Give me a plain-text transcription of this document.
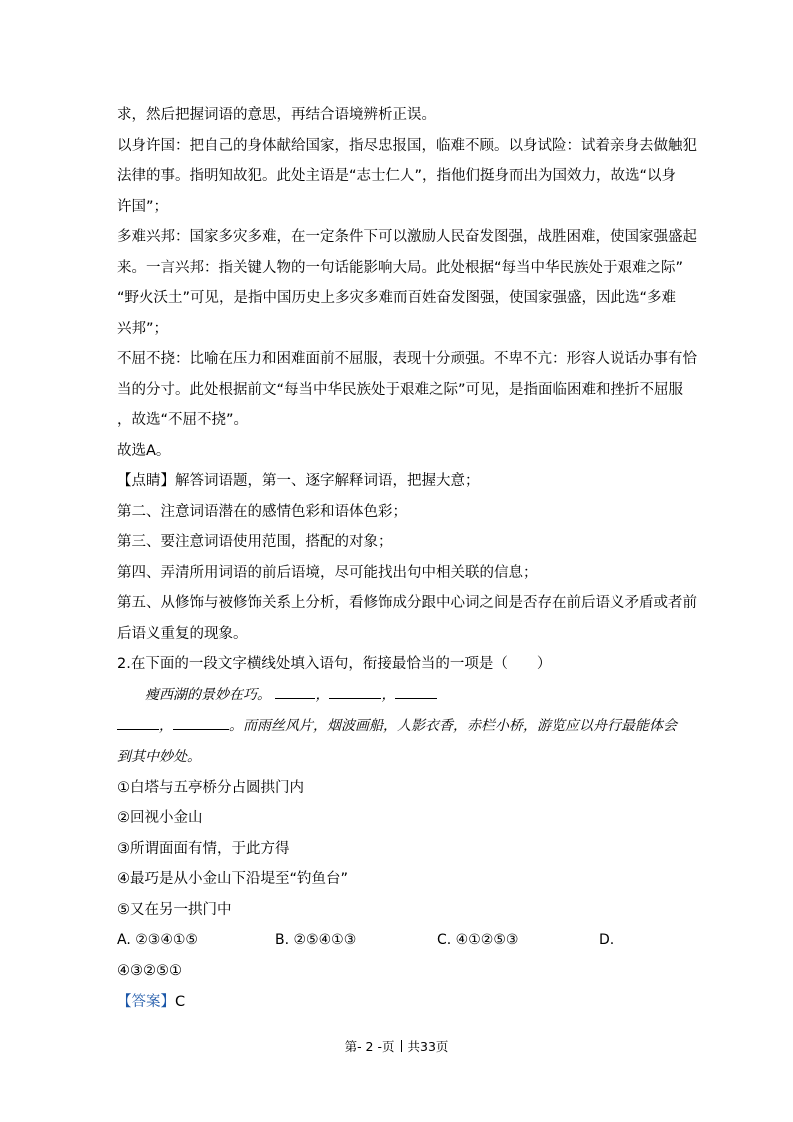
求，然后把握词语的意思，再结合语境辨析正误。
以身许国：把自己的身体献给国家，指尽忠报国，临难不顾。以身试险：试着亲身去做触犯
法律的事。指明知故犯。此处主语是“志士仁人”，指他们挺身而出为国效力，故选“以身
许国”；
多难兴邦：国家多灾多难，在一定条件下可以激励人民奋发图强，战胜困难，使国家强盛起
来。一言兴邦：指关键人物的一句话能影响大局。此处根据“每当中华民族处于艰难之际”
“野火沃土”可见，是指中国历史上多灾多难而百姓奋发图强，使国家强盛，因此选“多难
兴邦”；
不屈不挠：比喻在压力和困难面前不屈服，表现十分顽强。不卑不亢：形容人说话办事有恰
当的分寸。此处根据前文“每当中华民族处于艰难之际”可见，是指面临困难和挫折不屈服
，故选“不屈不挠”。
故选A。
【点睛】解答词语题，第一、逐字解释词语，把握大意；
第二、注意词语潜在的感情色彩和语体色彩；
第三、要注意词语使用范围，搭配的对象；
第四、弄清所用词语的前后语境，尽可能找出句中相关联的信息；
第五、从修饰与被修饰关系上分析，看修饰成分跟中心词之间是否存在前后语义矛盾或者前
后语义重复的现象。
2.在下面的一段文字横线处填入语句，衔接最恰当的一项是（　　）
瘦西湖的景妙在巧。	，	，
，	。而雨丝风片，烟波画船，人影衣香，赤栏小桥，游览应以舟行最能体会
到其中妙处。
①白塔与五亭桥分占圆拱门内
②回视小金山
③所谓面面有情，于此方得
④最巧是从小金山下沿堤至“钓鱼台”
⑤又在另一拱门中
A. ②③④①⑤	B. ②⑤④①③	C. ④①②⑤③	D.
④③②⑤①
【答案】C
第- 2 -页 共33页
